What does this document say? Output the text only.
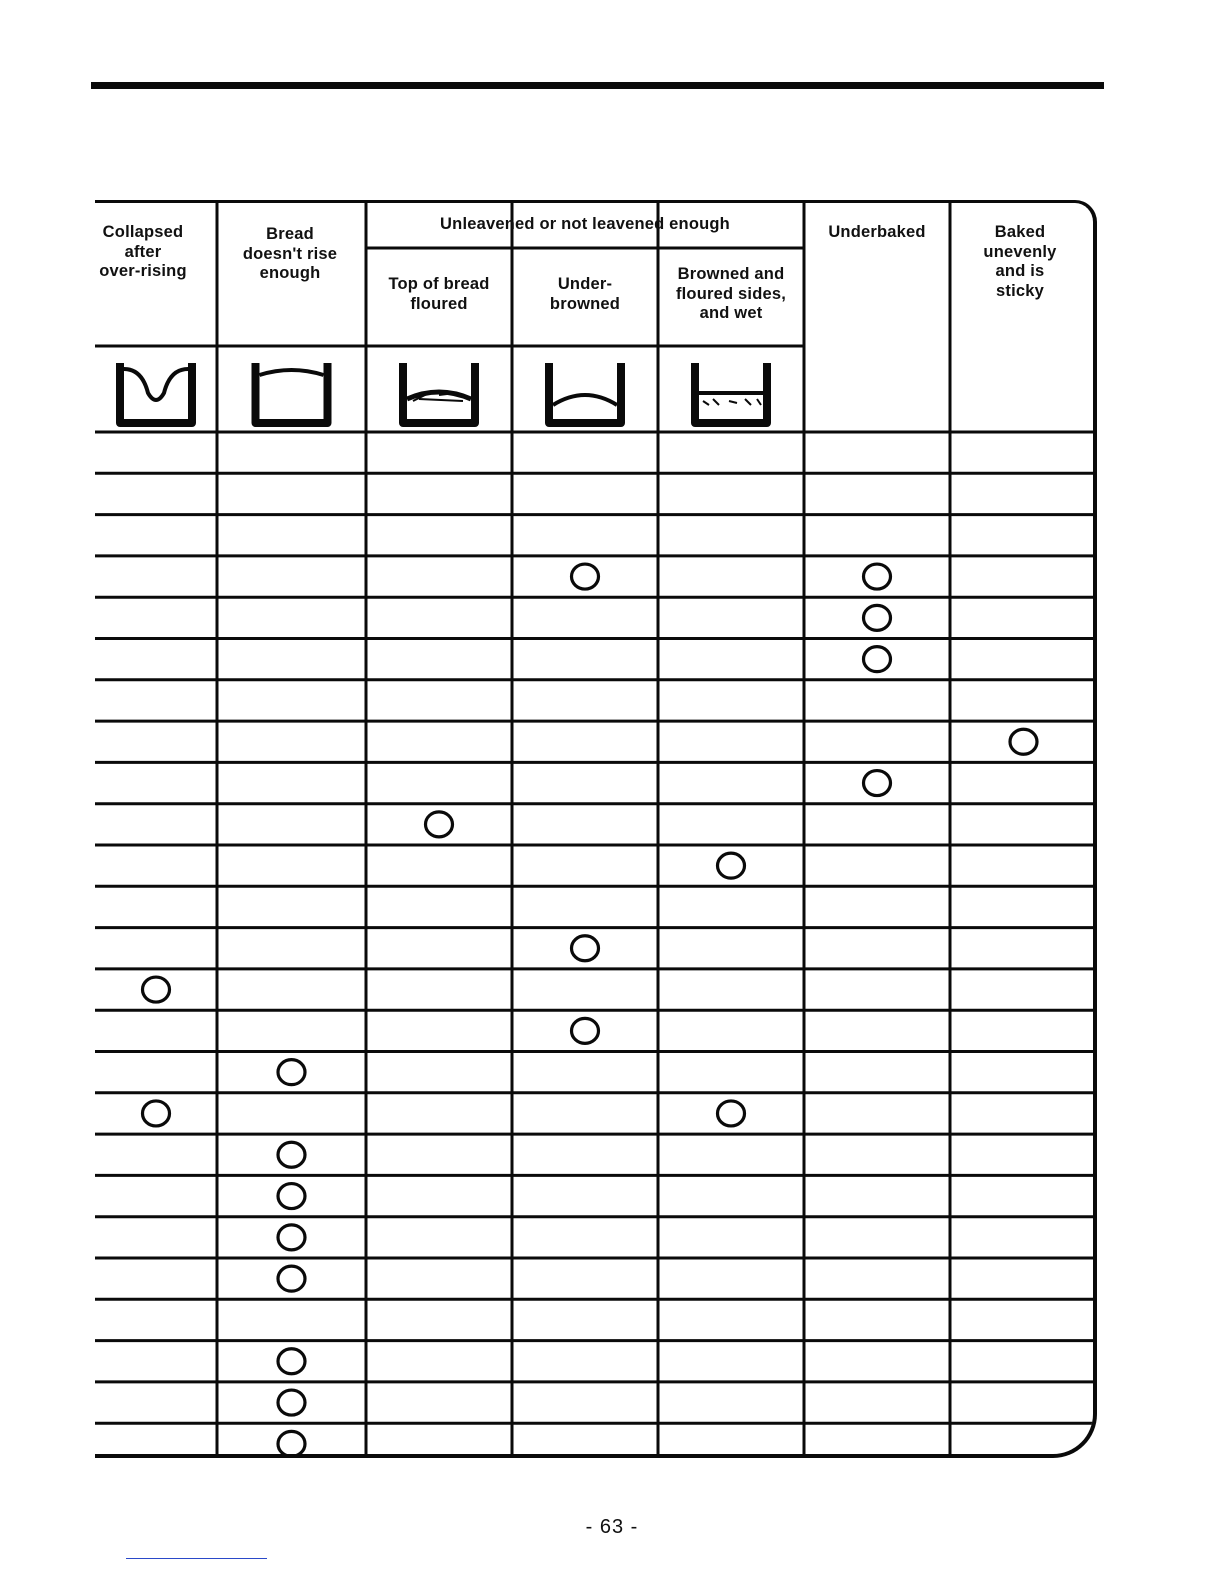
Collapsed
after
over-rising
Bread
doesn't rise
enough
Unleavened or not leavened enough
Top of bread
floured
Under-
browned
Browned and
floured sides,
and wet
Underbaked	Baked
unevenly
and is
sticky
- 63 -
